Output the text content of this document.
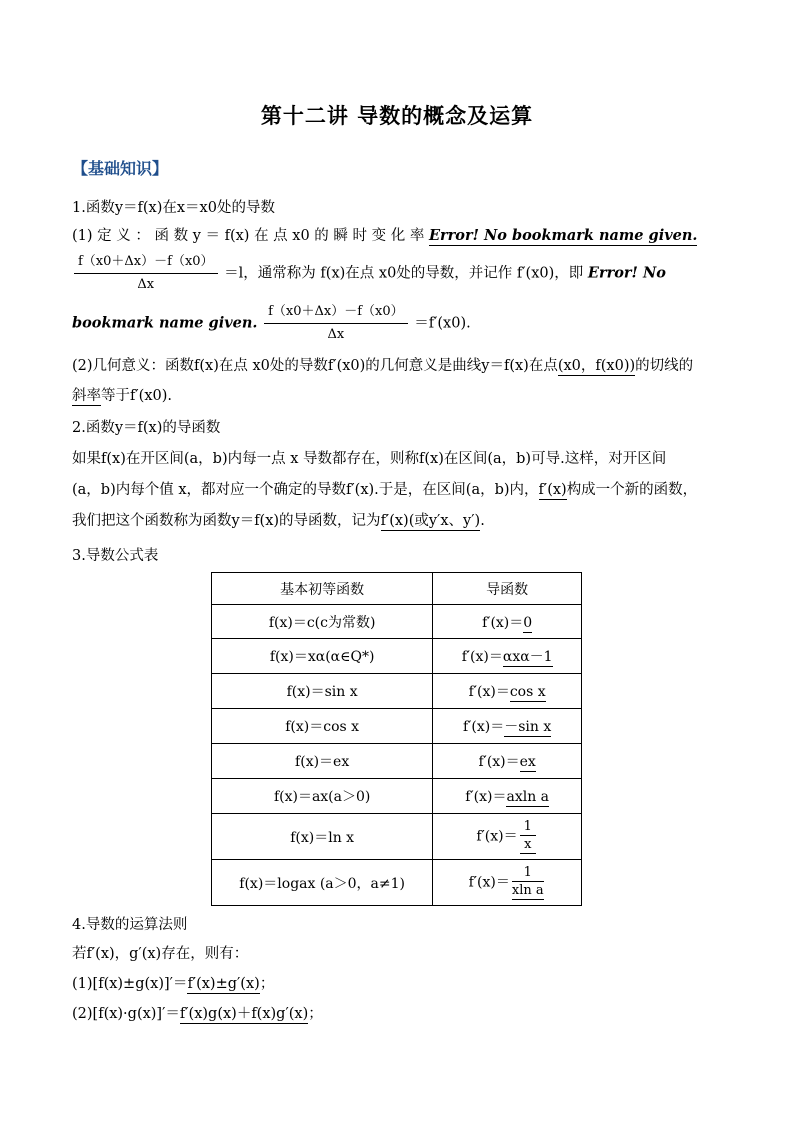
第十二讲 导数的概念及运算
【基础知识】
1.函数y＝f(x)在x＝x0处的导数
(1) 定 义 ： 函 数 y ＝ f(x) 在 点 x0 的 瞬 时 变 化 率 Error! No bookmark name given.
$\frac{f(x0+\Delta x)-f(x0)}{\Delta x} =l$，通常称为 f(x)在点 x0处的导数，并记作 f′(x0)，即 Error! No
bookmark name given. $\frac{f(x0+\Delta x)-f(x0)}{\Delta x} =f'(x0)$.
(2)几何意义：函数f(x)在点 x0处的导数f′(x0)的几何意义是曲线y＝f(x)在点(x0，f(x0))的切线的
斜率等于f′(x0).
2.函数y＝f(x)的导函数
如果f(x)在开区间(a，b)内每一点 x 导数都存在，则称f(x)在区间(a，b)可导.这样，对开区间
(a，b)内每个值 x，都对应一个确定的导数f′(x).于是，在区间(a，b)内，f′(x)构成一个新的函数，
我们把这个函数称为函数y＝f(x)的导函数，记为f′(x)(或y′x、y′).
3.导数公式表
基本初等函数	导函数
f(x)＝c(c为常数)	f′(x)＝0
f(x)＝xα(α∈Q*)	f′(x)＝αxα－1
f(x)＝sin x	f′(x)＝cos x
f(x)＝cos x	f′(x)＝－sin x
f(x)＝ex	f′(x)＝ex
f(x)＝ax(a＞0)	f′(x)＝axln a
f(x)＝ln x	$f'(x)= \frac{1}{x}$

f(x)＝logax (a＞0，a≠1)	$f'(x)= \frac{1}{\text{xln a}}$
4.导数的运算法则
若f′(x)，g′(x)存在，则有：
(1)[f(x)±g(x)]′＝f′(x)±g′(x)；
(2)[f(x)·g(x)]′＝f′(x)g(x)＋f(x)g′(x)；
